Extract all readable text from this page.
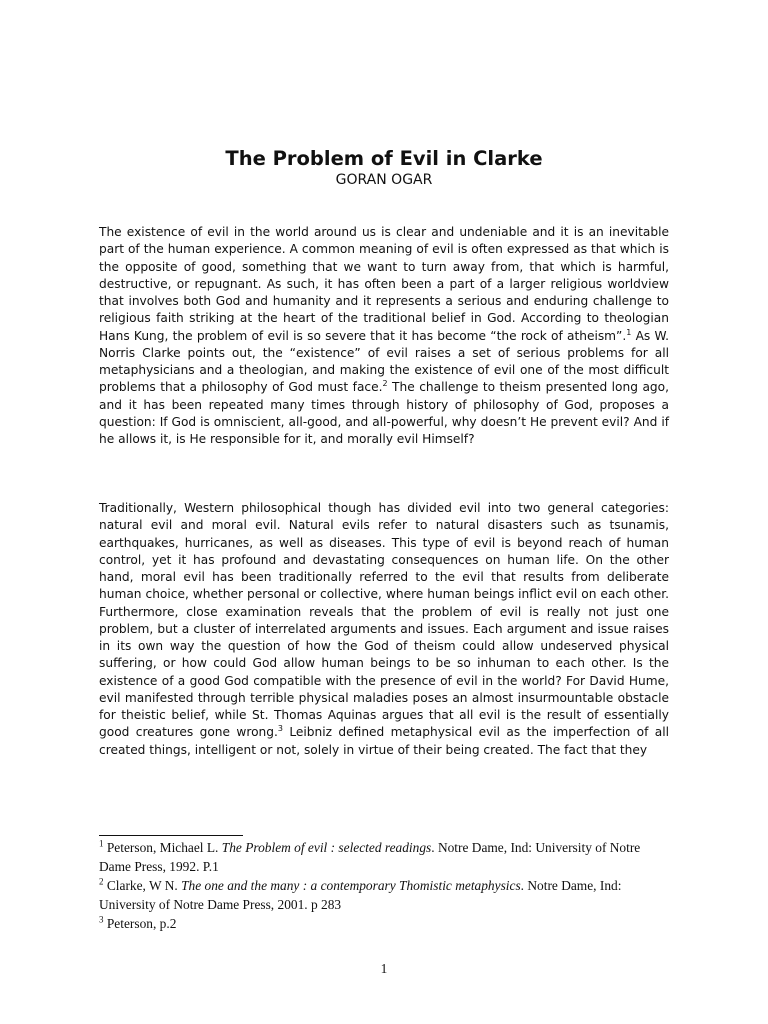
The Problem of Evil in Clarke
GORAN OGAR

The existence of evil in the world around us is clear and undeniable and it is an inevitable part of the human experience. A common meaning of evil is often expressed as that which is the opposite of good, something that we want to turn away from, that which is harmful, destructive, or repugnant. As such, it has often been a part of a larger religious worldview that involves both God and humanity and it represents a serious and enduring challenge to religious faith striking at the heart of the traditional belief in God. According to theologian Hans Kung, the problem of evil is so severe that it has become “the rock of atheism”.$^1$ As W. Norris Clarke points out, the “existence” of evil raises a set of serious problems for all metaphysicians and a theologian, and making the existence of evil one of the most difficult problems that a philosophy of God must face.$^2$ The challenge to theism presented long ago, and it has been repeated many times through history of philosophy of God, proposes a question: If God is omniscient, all-good, and all-powerful, why doesn’t He prevent evil? And if he allows it, is He responsible for it, and morally evil Himself?

Traditionally, Western philosophical though has divided evil into two general categories: natural evil and moral evil. Natural evils refer to natural disasters such as tsunamis, earthquakes, hurricanes, as well as diseases. This type of evil is beyond reach of human control, yet it has profound and devastating consequences on human life. On the other hand, moral evil has been traditionally referred to the evil that results from deliberate human choice, whether personal or collective, where human beings inflict evil on each other. Furthermore, close examination reveals that the problem of evil is really not just one problem, but a cluster of interrelated arguments and issues. Each argument and issue raises in its own way the question of how the God of theism could allow undeserved physical suffering, or how could God allow human beings to be so inhuman to each other. Is the existence of a good God compatible with the presence of evil in the world? For David Hume, evil manifested through terrible physical maladies poses an almost insurmountable obstacle for theistic belief, while St. Thomas Aquinas argues that all evil is the result of essentially good creatures gone wrong.$^3$ Leibniz defined metaphysical evil as the imperfection of all created things, intelligent or not, solely in virtue of their being created. The fact that they

$^1$ Peterson, Michael L. The Problem of evil : selected readings. Notre Dame, Ind: University of Notre Dame Press, 1992. P.1

$^2$ Clarke, W N. The one and the many : a contemporary Thomistic metaphysics. Notre Dame, Ind: University of Notre Dame Press, 2001. p 283

$^3$ Peterson, p.2

1
